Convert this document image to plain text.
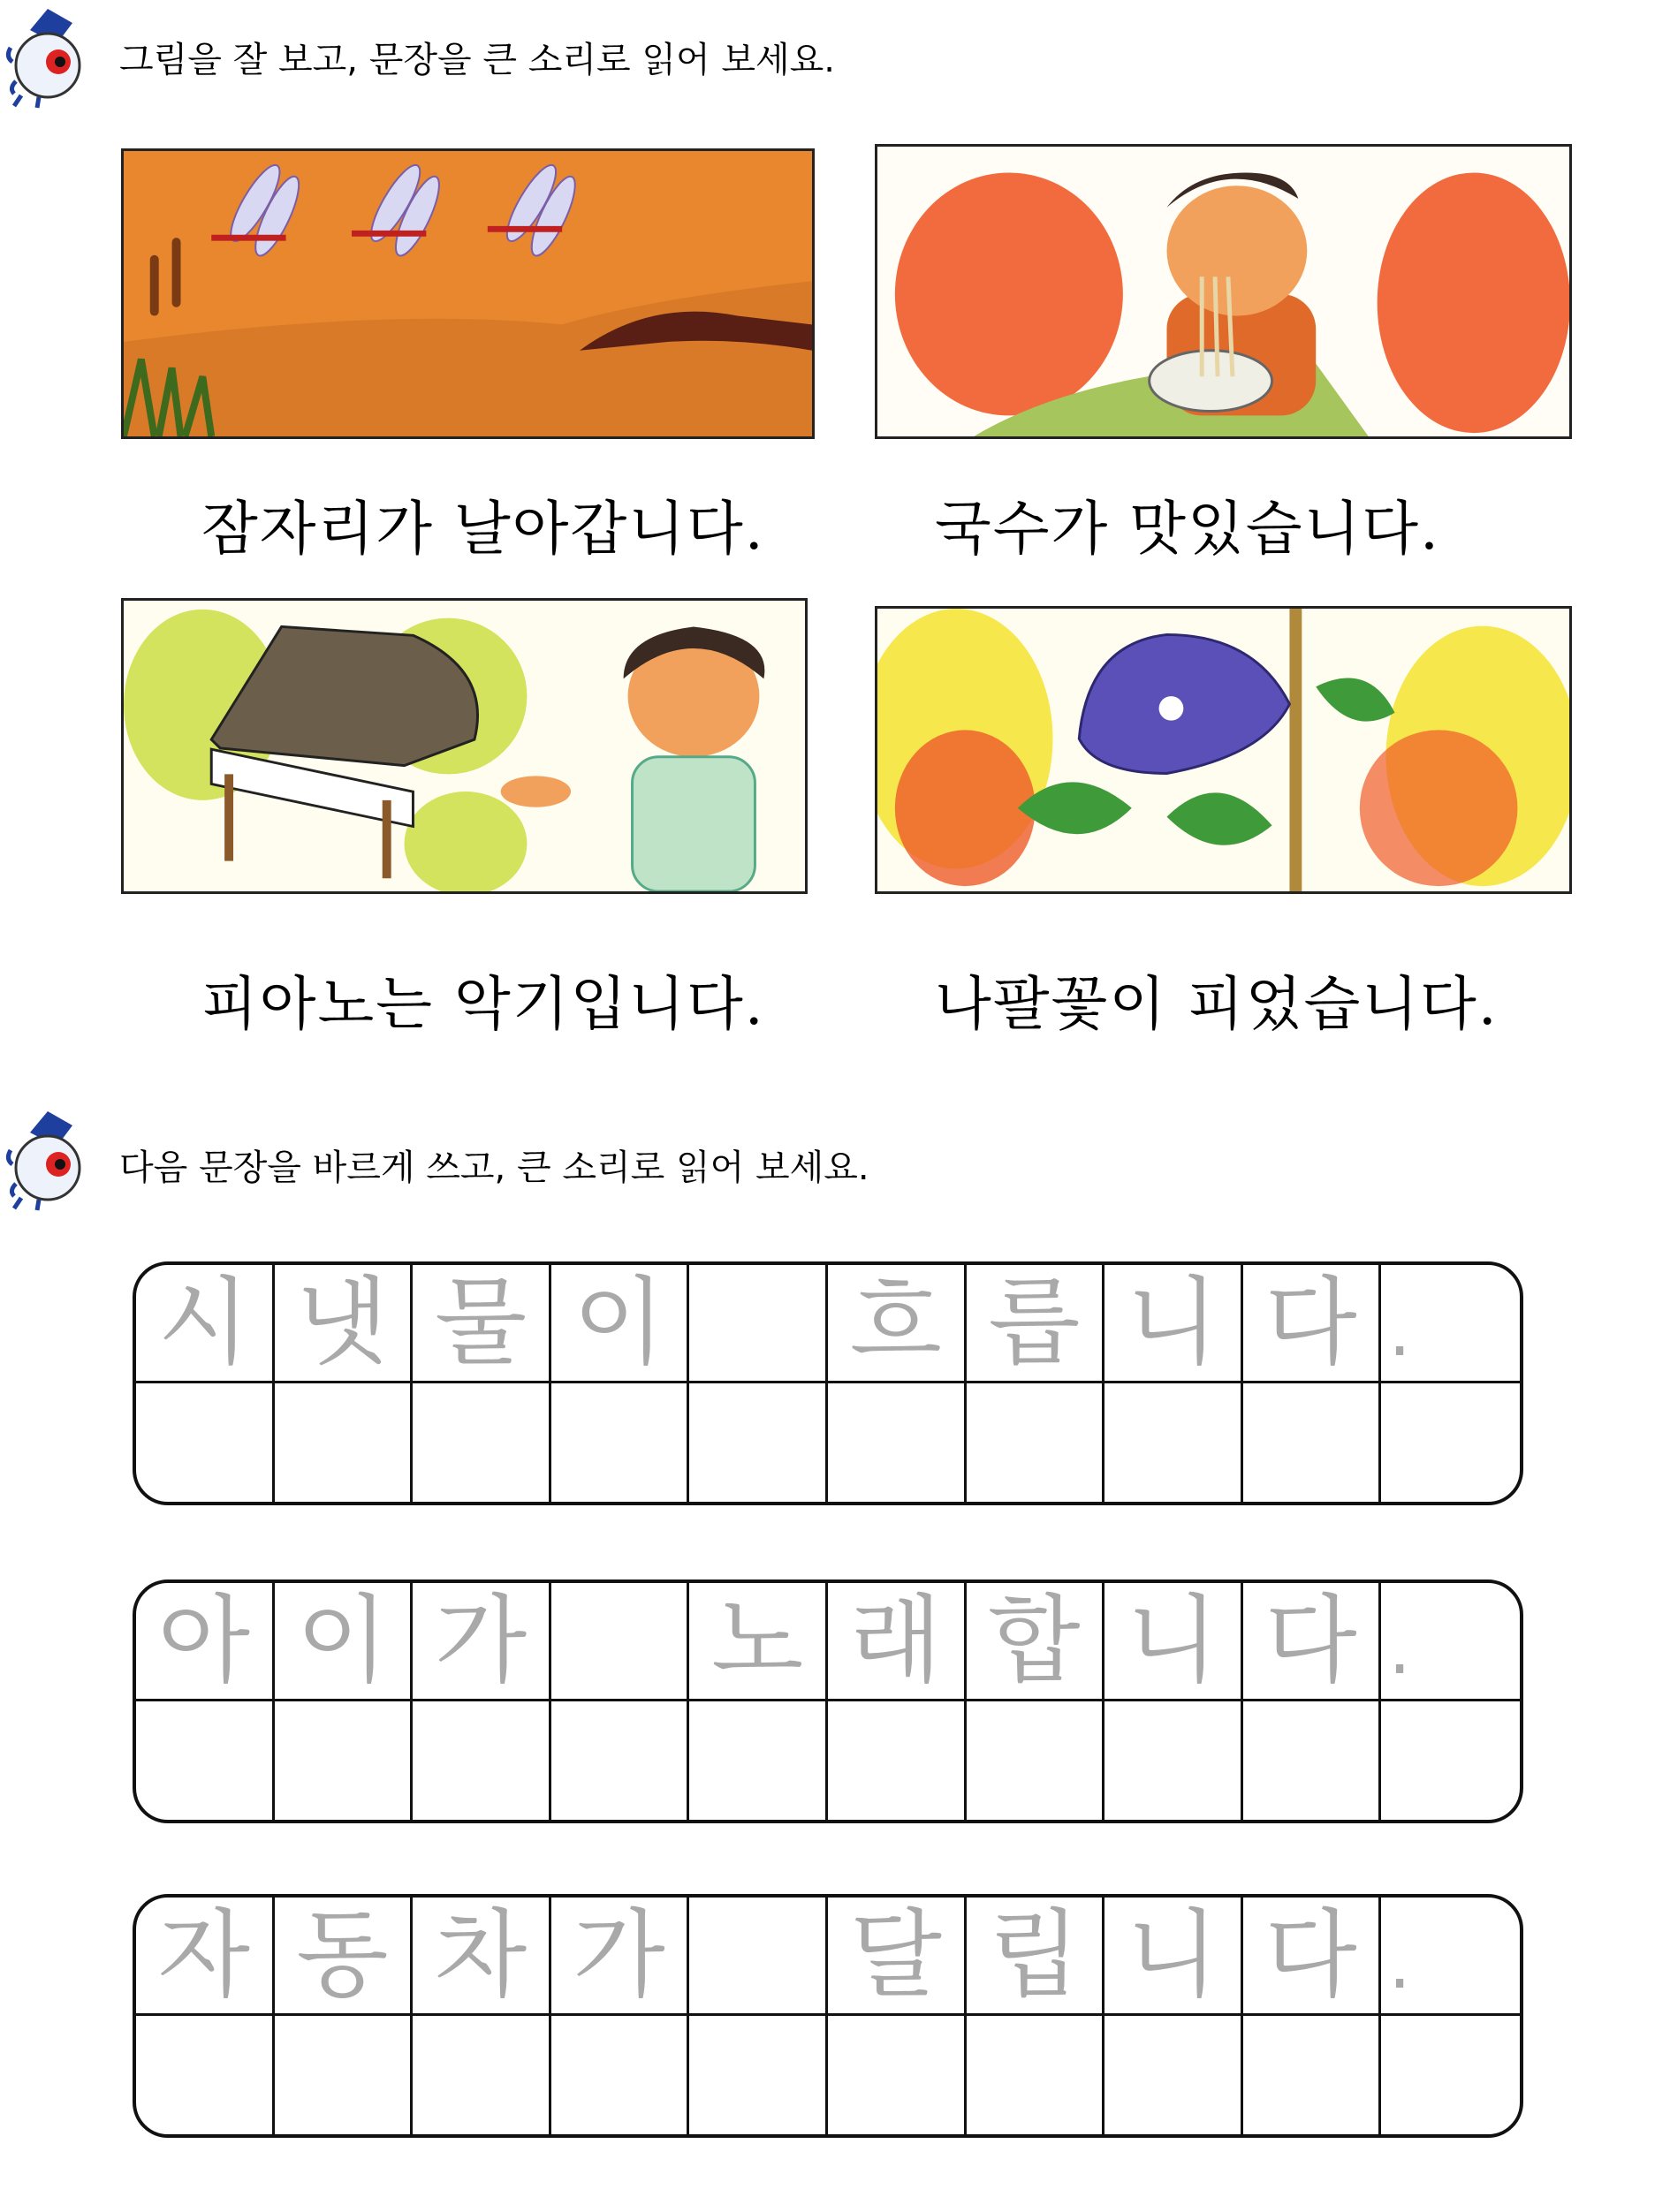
그림을 잘 보고, 문장을 큰 소리로 읽어 보세요.
잠자리가 날아갑니다.	국수가 맛있습니다.
피아노는 악기입니다.	나팔꽃이 피었습니다.
다음 문장을 바르게 쓰고, 큰 소리로 읽어 보세요.
시 냇 물 이 흐 릅 니 다 .
아 이 가 노 래 합 니 다 .
자 동 차 가 달 립 니 다 .
